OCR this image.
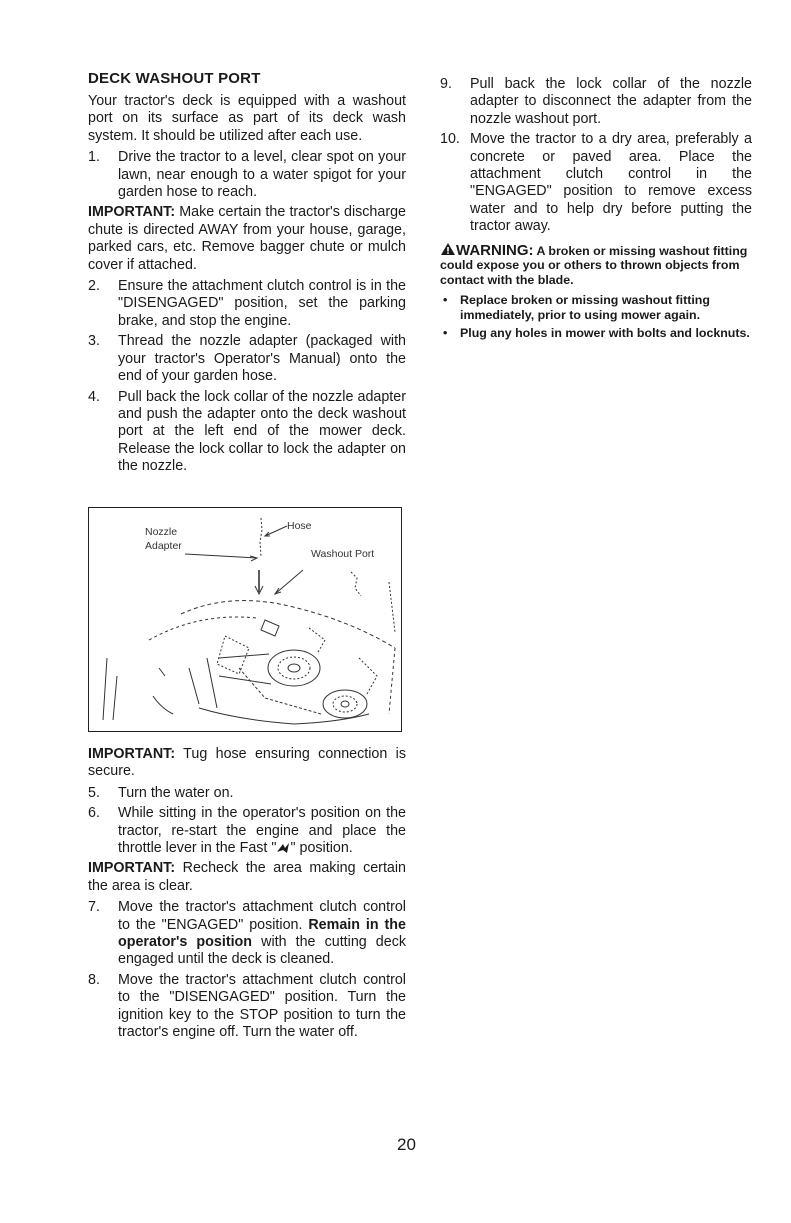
DECK WASHOUT PORT

Your tractor's deck is equipped with a washout port on its surface as part of its deck wash system. It should be utilized after each use.

1. Drive the tractor to a level, clear spot on your lawn, near enough to a water spigot for your garden hose to reach.

IMPORTANT: Make certain the tractor's discharge chute is directed AWAY from your house, garage, parked cars, etc. Remove bagger chute or mulch cover if attached.

2. Ensure the attachment clutch control is in the "DISENGAGED" position, set the parking brake, and stop the engine.
3. Thread the nozzle adapter (packaged with your tractor's Operator's Manual) onto the end of your garden hose.
4. Pull back the lock collar of the nozzle adapter and push the adapter onto the deck washout port at the left end of the mower deck. Release the lock collar to lock the adapter on the nozzle.
Nozzle
Adapter
Hose
Washout Port

IMPORTANT: Tug hose ensuring connection is secure.

5. Turn the water on.
6. While sitting in the operator's position on the tractor, re-start the engine and place the throttle lever in the Fast " " position.

IMPORTANT: Recheck the area making certain the area is clear.

7. Move the tractor's attachment clutch control to the "ENGAGED" position. Remain in the operator's position with the cutting deck engaged until the deck is cleaned.
8. Move the tractor's attachment clutch control to the "DISENGAGED" position. Turn the ignition key to the STOP position to turn the tractor's engine off. Turn the water off.
9. Pull back the lock collar of the nozzle adapter to disconnect the adapter from the nozzle washout port.
10. Move the tractor to a dry area, preferably a concrete or paved area. Place the attachment clutch control in the "ENGAGED" position to remove excess water and to help dry before putting the tractor away.

WARNING: A broken or missing washout fitting could expose you or others to thrown objects from contact with the blade.

• Replace broken or missing washout fitting immediately, prior to using mower again.
• Plug any holes in mower with bolts and locknuts.
20
